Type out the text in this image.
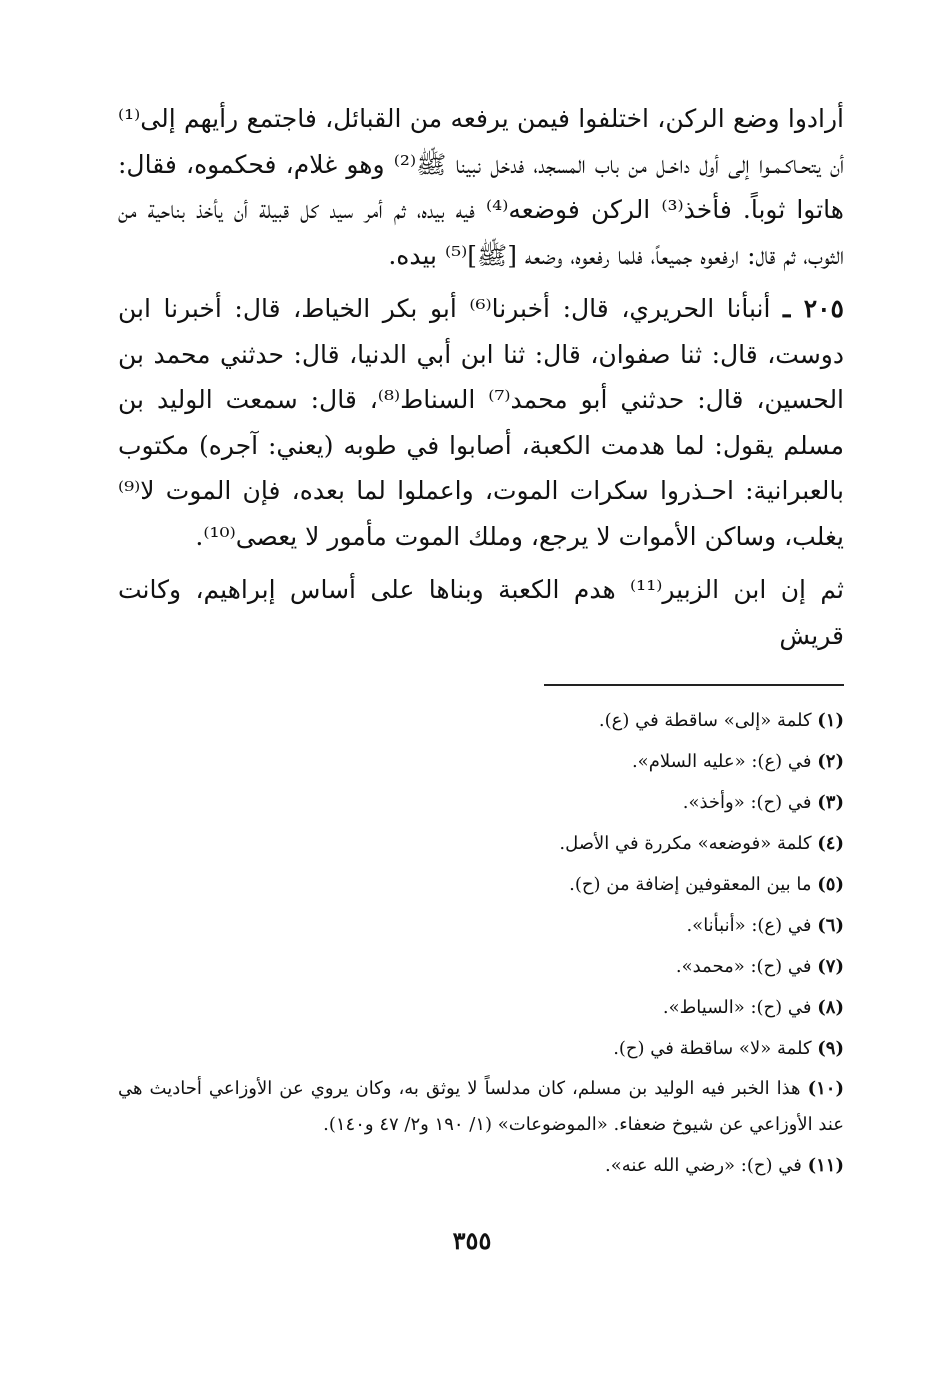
أرادوا وضع الركن، اختلفوا فيمن يرفعه من القبائل، فاجتمع رأيهم إلى⁽¹⁾ أن يتحـاكـمـوا إلى أول داخـل من باب المسجد، فدخل نبينا ﷺ⁽²⁾ وهو غلام، فحكموه، فقال: هاتوا ثوباً. فأخذ⁽³⁾ الركن فوضعه⁽⁴⁾ فيه بيده، ثم أمر سيد كل قبيلة أن يأخذ بناحية من الثوب، ثم قال: ارفعوه جميعاً، فلما رفعوه، وضعه [ﷺ]⁽⁵⁾ بيده.

٢٠٥ ـ أنبأنا الحريري، قال: أخبرنا⁽⁶⁾ أبو بكر الخياط، قال: أخبرنا ابن دوست، قال: ثنا صفوان، قال: ثنا ابن أبي الدنيا، قال: حدثني محمد بن الحسين، قال: حدثني أبو محمد⁽⁷⁾ السناط⁽⁸⁾، قال: سمعت الوليد بن مسلم يقول: لما هدمت الكعبة، أصابوا في طوبه (يعني: آجره) مكتوب بالعبرانية: احـذروا سكرات الموت، واعملوا لما بعده، فإن الموت لا⁽⁹⁾ يغلب، وساكن الأموات لا يرجع، وملك الموت مأمور لا يعصى⁽¹⁰⁾.

ثم إن ابن الزبير⁽¹¹⁾ هدم الكعبة وبناها على أساس إبراهيم، وكانت قريش

(١) كلمة «إلى» ساقطة في (ع).

(٢) في (ع): «عليه السلام».

(٣) في (ح): «وأخذ».

(٤) كلمة «فوضعه» مكررة في الأصل.

(٥) ما بين المعقوفين إضافة من (ح).

(٦) في (ع): «أنبأنا».

(٧) في (ح): «محمد».

(٨) في (ح): «السياط».

(٩) كلمة «لا» ساقطة في (ح).

(١٠) هذا الخبر فيه الوليد بن مسلم، كان مدلساً لا يوثق به، وكان يروي عن الأوزاعي أحاديث هي عند الأوزاعي عن شيوخ ضعفاء. «الموضوعات» (١/ ١٩٠ و٢/ ٤٧ و١٤٠).

(١١) في (ح): «رضي الله عنه».

٣٥٥
